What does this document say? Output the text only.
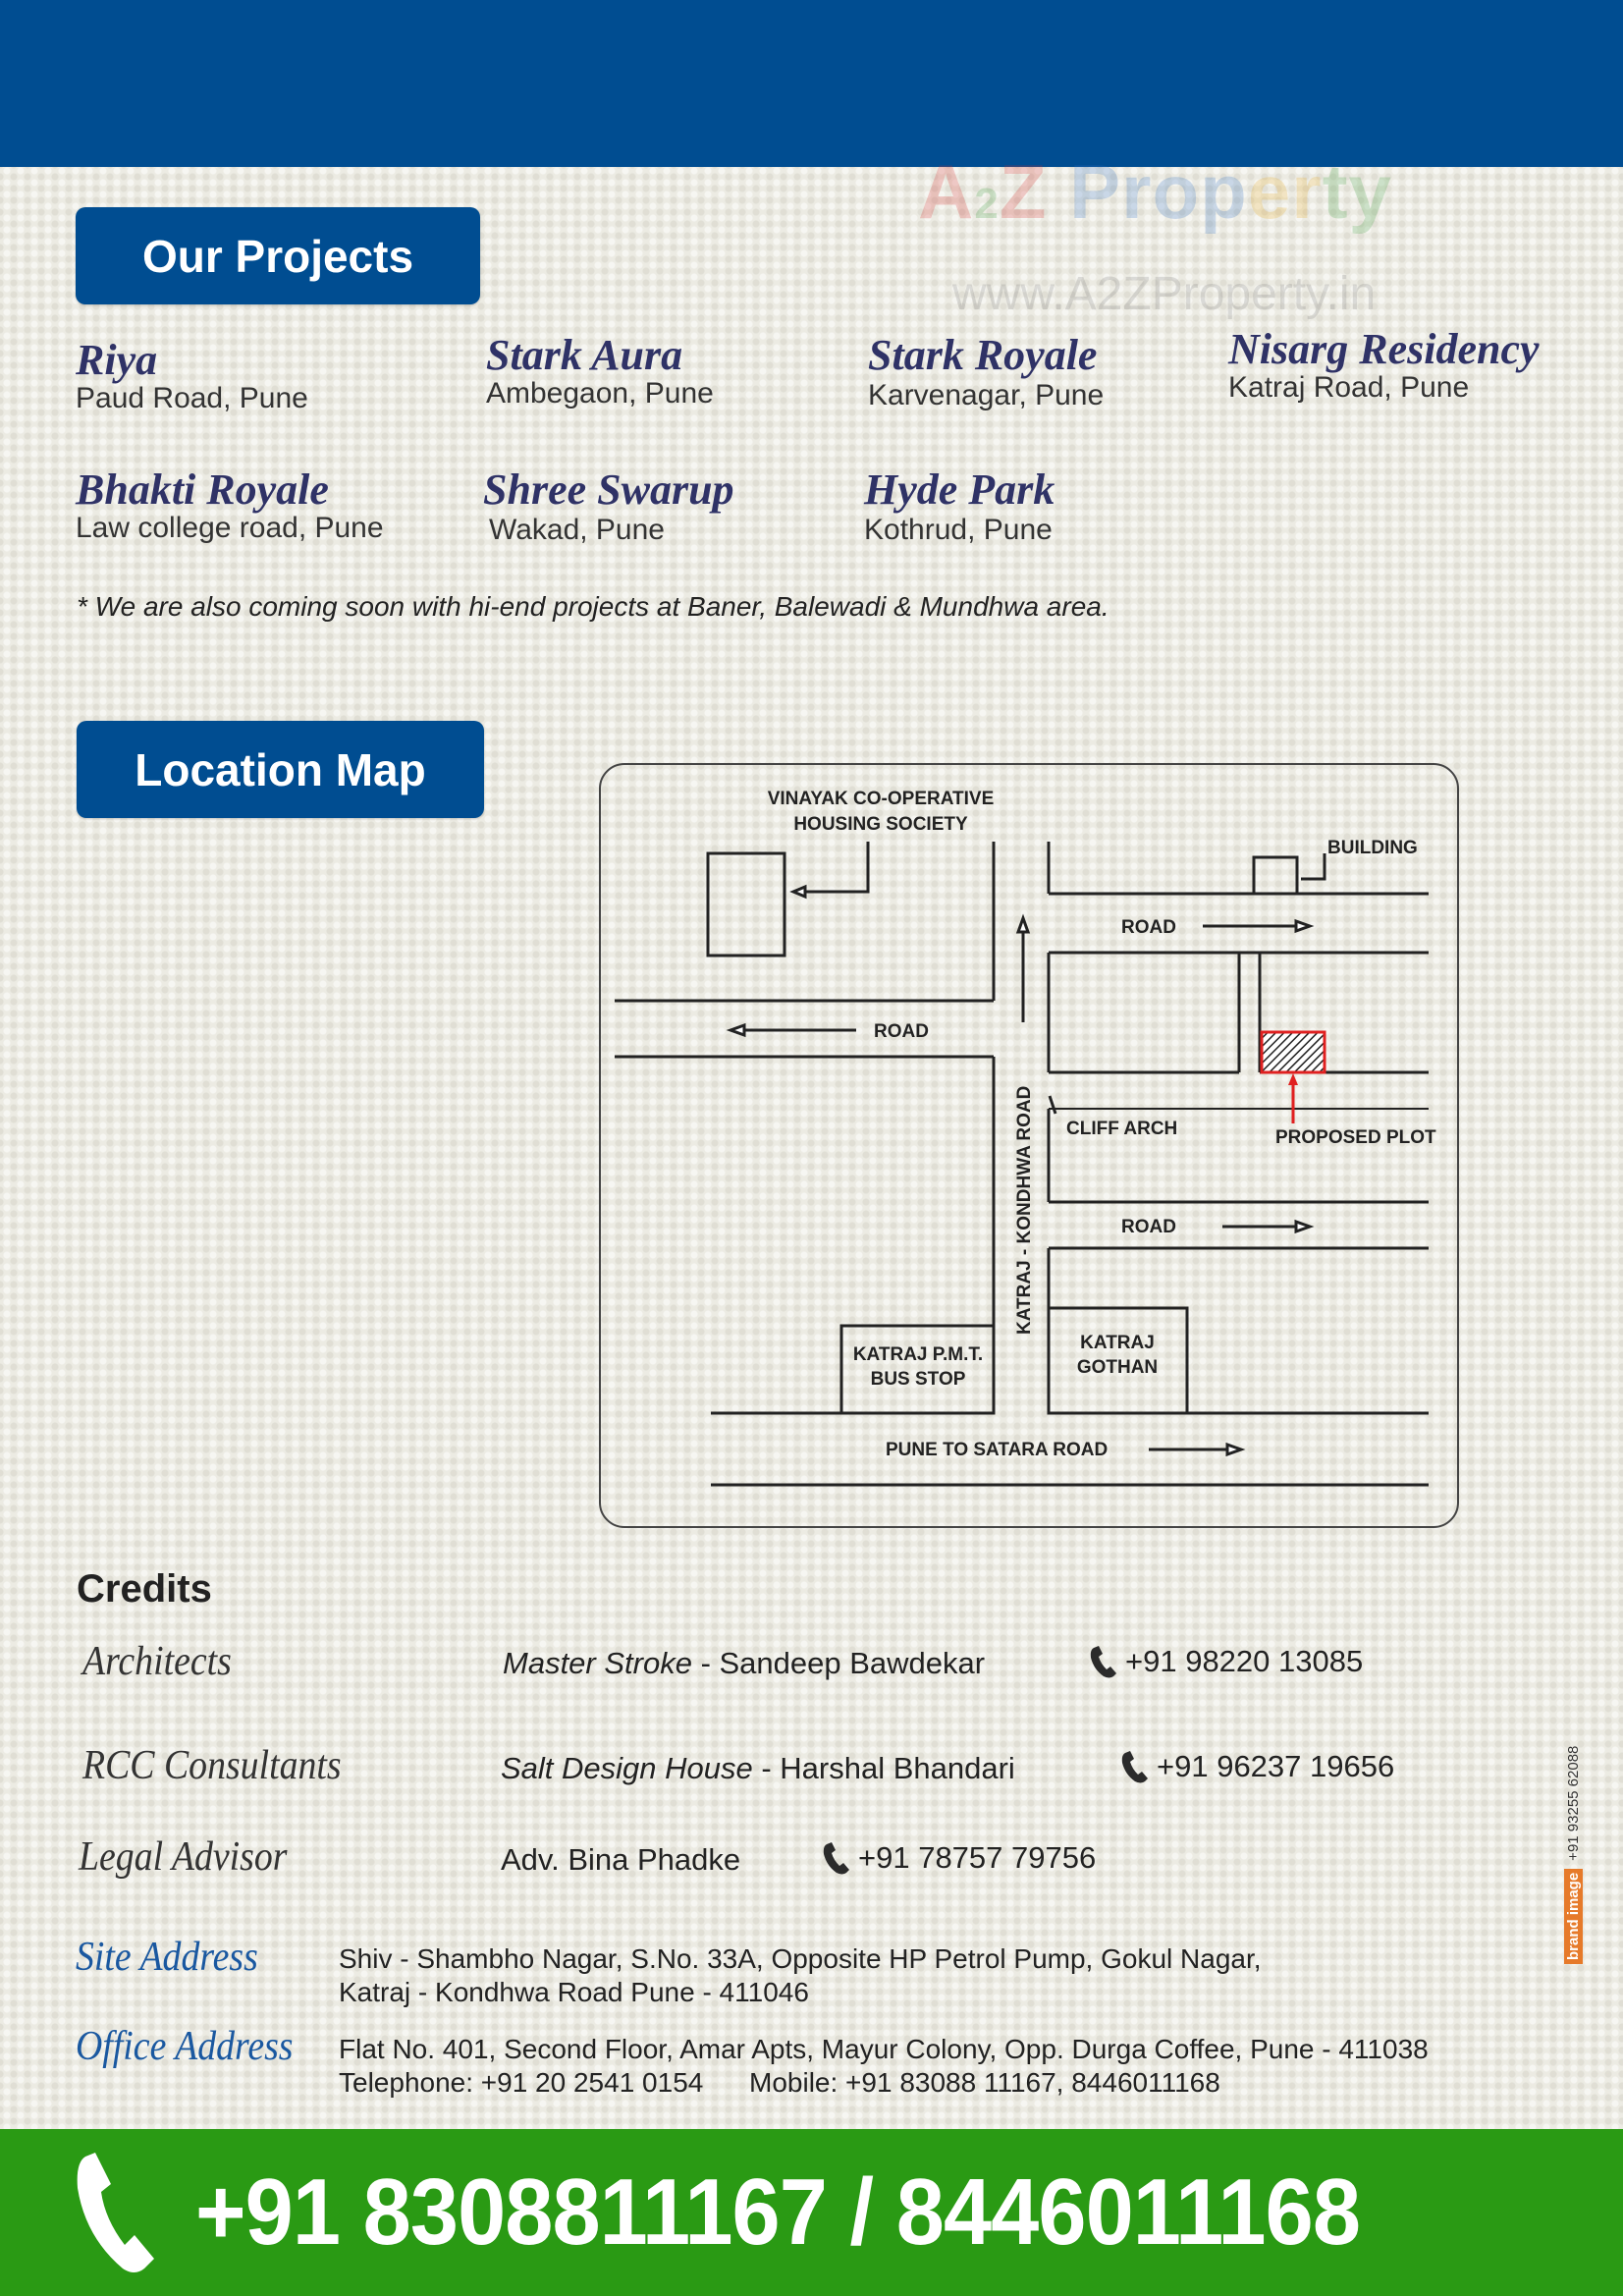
A2Z Property
www.A2ZProperty.in
Our Projects
Riya
Paud Road, Pune
Stark Aura
Ambegaon, Pune
Stark Royale
Karvenagar, Pune
Nisarg Residency
Katraj Road, Pune
Bhakti Royale
Law college road, Pune
Shree Swarup
Wakad, Pune
Hyde Park
Kothrud, Pune
* We are also coming soon with hi-end projects at Baner, Balewadi & Mundhwa area.
Location Map
VINAYAK CO-OPERATIVE
HOUSING SOCIETY
BUILDING
ROAD
ROAD
CLIFF ARCH	PROPOSED PLOT
ROAD
KATRAJ P.M.T.
BUS STOP
KATRAJ
GOTHAN
PUNE TO SATARA ROAD
KATRAJ - KONDHWA ROAD
Credits
Architects	Master Stroke - Sandeep Bawdekar	+91 98220 13085
RCC Consultants	Salt Design House - Harshal Bhandari	+91 96237 19656
Legal Advisor	Adv. Bina Phadke	+91 78757 79756
Site Address	Shiv - Shambho Nagar, S.No. 33A, Opposite HP Petrol Pump, Gokul Nagar,
Katraj - Kondhwa Road Pune - 411046
Office Address Flat No. 401, Second Floor, Amar Apts, Mayur Colony, Opp. Durga Coffee, Pune - 411038
Telephone: +91 20 2541 0154      Mobile: +91 83088 11167, 8446011168
brand image
+91 93255 62088
+91 8308811167 / 8446011168
